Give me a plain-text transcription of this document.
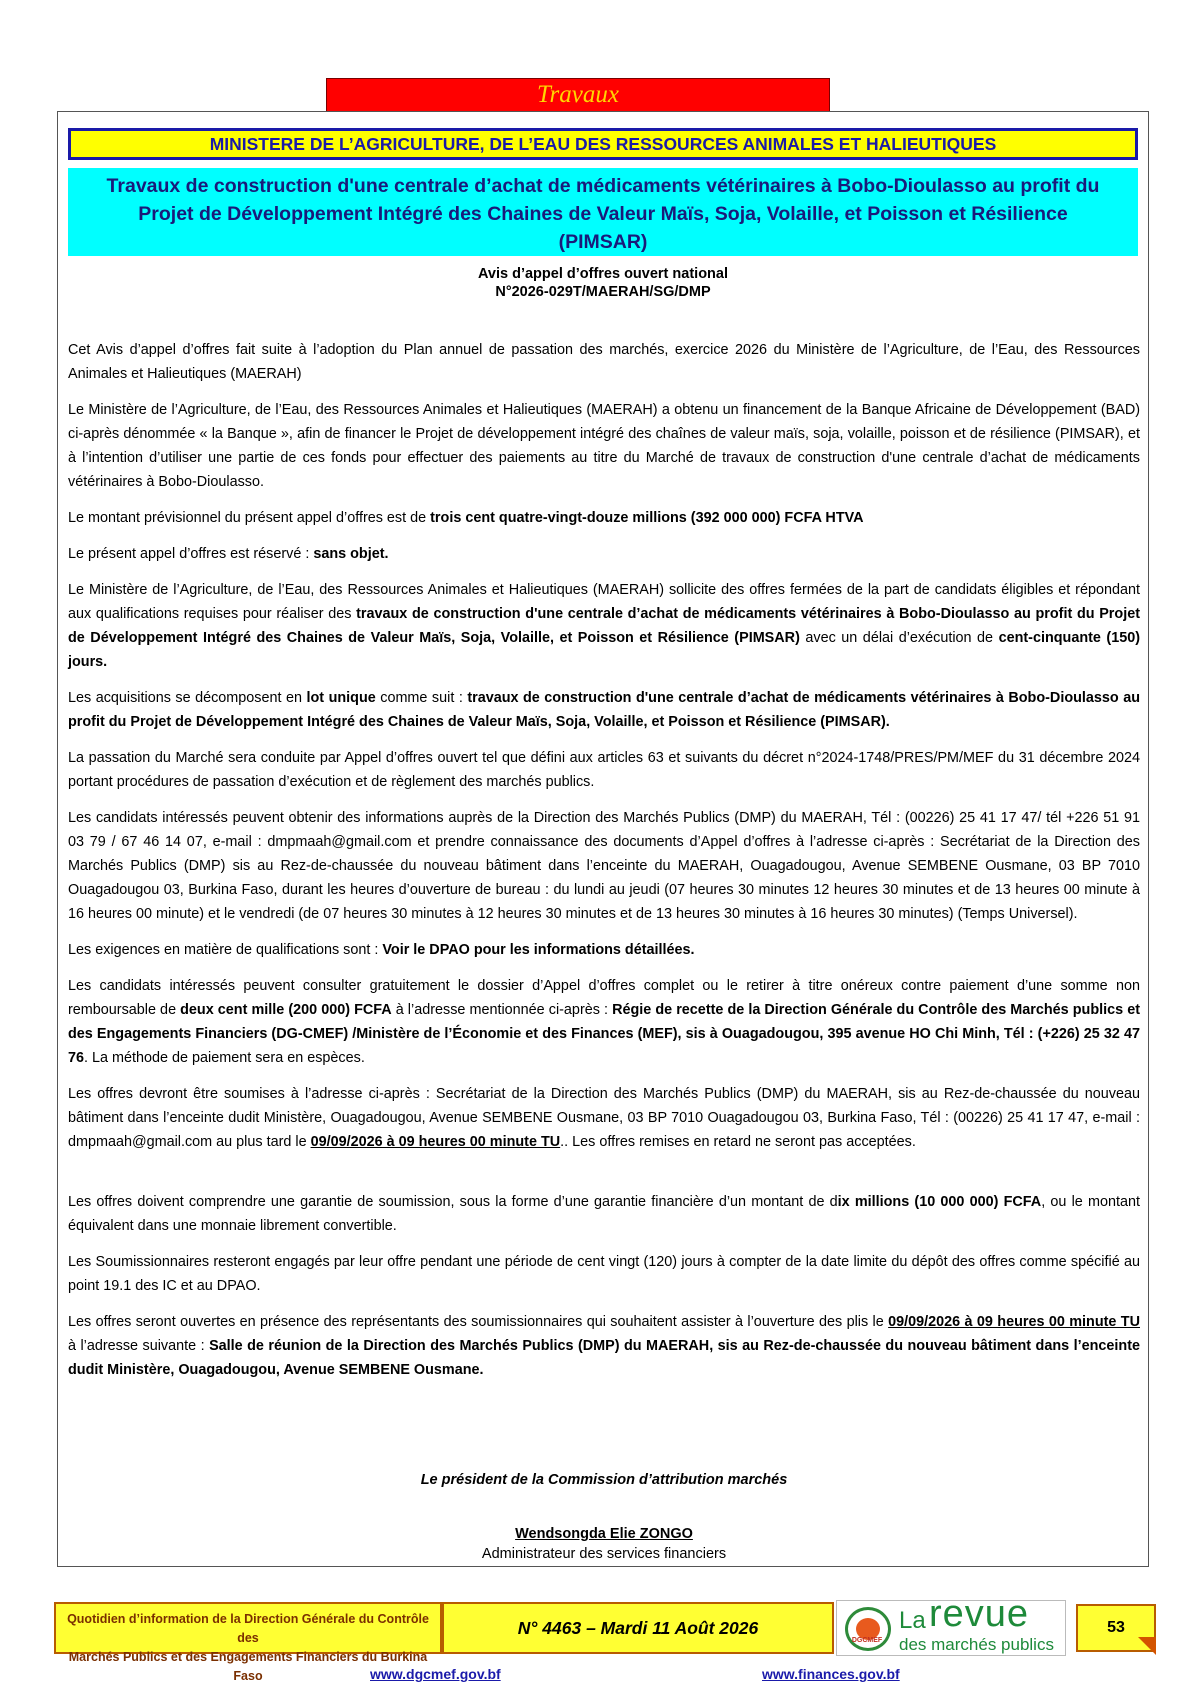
Travaux
MINISTERE DE L’AGRICULTURE, DE L’EAU DES RESSOURCES ANIMALES ET HALIEUTIQUES
Travaux de construction d'une centrale d’achat de médicaments vétérinaires à Bobo-Dioulasso au profit du Projet de Développement Intégré des Chaines de Valeur Maïs, Soja, Volaille, et Poisson et Résilience (PIMSAR)
Avis d’appel d’offres ouvert national
N°2026-029T/MAERAH/SG/DMP

Cet Avis d’appel d’offres fait suite à l’adoption du Plan annuel de passation des marchés, exercice 2026 du Ministère de l’Agriculture, de l’Eau, des Ressources Animales et Halieutiques (MAERAH)

Le Ministère de l’Agriculture, de l’Eau, des Ressources Animales et Halieutiques (MAERAH) a obtenu un financement de la Banque Africaine de Développement (BAD) ci-après dénommée « la Banque », afin de financer le Projet de développement intégré des chaînes de valeur maïs, soja, volaille, poisson et de résilience (PIMSAR), et à l’intention d’utiliser une partie de ces fonds pour effectuer des paiements au titre du Marché de travaux de construction d'une centrale d’achat de médicaments vétérinaires à Bobo-Dioulasso.

Le montant prévisionnel du présent appel d’offres est de trois cent quatre-vingt-douze millions (392 000 000) FCFA HTVA

Le présent appel d’offres est réservé : sans objet.

Le Ministère de l’Agriculture, de l’Eau, des Ressources Animales et Halieutiques (MAERAH) sollicite des offres fermées de la part de candidats éligibles et répondant aux qualifications requises pour réaliser des travaux de construction d'une centrale d’achat de médicaments vétérinaires à Bobo-Dioulasso au profit du Projet de Développement Intégré des Chaines de Valeur Maïs, Soja, Volaille, et Poisson et Résilience (PIMSAR) avec un délai d’exécution de cent-cinquante (150) jours.

Les acquisitions se décomposent en lot unique comme suit : travaux de construction d'une centrale d’achat de médicaments vétérinaires à Bobo-Dioulasso au profit du Projet de Développement Intégré des Chaines de Valeur Maïs, Soja, Volaille, et Poisson et Résilience (PIMSAR).

La passation du Marché sera conduite par Appel d’offres ouvert tel que défini aux articles 63 et suivants du décret n°2024-1748/PRES/PM/MEF du 31 décembre 2024 portant procédures de passation d’exécution et de règlement des marchés publics.

Les candidats intéressés peuvent obtenir des informations auprès de la Direction des Marchés Publics (DMP) du MAERAH, Tél : (00226) 25 41 17 47/ tél +226 51 91 03 79 / 67 46 14 07, e-mail : dmpmaah@gmail.com et prendre connaissance des documents d’Appel d’offres à l’adresse ci-après : Secrétariat de la Direction des Marchés Publics (DMP) sis au Rez-de-chaussée du nouveau bâtiment dans l’enceinte du MAERAH, Ouagadougou, Avenue SEMBENE Ousmane, 03 BP 7010 Ouagadougou 03, Burkina Faso, durant les heures d’ouverture de bureau : du lundi au jeudi (07 heures 30 minutes 12 heures 30 minutes et de 13 heures 00 minute à 16 heures 00 minute) et le vendredi (de 07 heures 30 minutes à 12 heures 30 minutes et de 13 heures 30 minutes à 16 heures 30 minutes) (Temps Universel).

Les exigences en matière de qualifications sont : Voir le DPAO pour les informations détaillées.

Les candidats intéressés peuvent consulter gratuitement le dossier d’Appel d’offres complet ou le retirer à titre onéreux contre paiement d’une somme non remboursable de deux cent mille (200 000) FCFA à l’adresse mentionnée ci-après : Régie de recette de la Direction Générale du Contrôle des Marchés publics et des Engagements Financiers (DG-CMEF) /Ministère de l’Économie et des Finances (MEF), sis à Ouagadougou, 395 avenue HO Chi Minh, Tél : (+226) 25 32 47 76. La méthode de paiement sera en espèces.

Les offres devront être soumises à l’adresse ci-après : Secrétariat de la Direction des Marchés Publics (DMP) du MAERAH, sis au Rez-de-chaussée du nouveau bâtiment dans l’enceinte dudit Ministère, Ouagadougou, Avenue SEMBENE Ousmane, 03 BP 7010 Ouagadougou 03, Burkina Faso, Tél : (00226) 25 41 17 47, e-mail : dmpmaah@gmail.com au plus tard le 09/09/2026 à 09 heures 00 minute TU.. Les offres remises en retard ne seront pas acceptées.

Les offres doivent comprendre une garantie de soumission, sous la forme d’une garantie financière d’un montant de dix millions (10 000 000) FCFA, ou le montant équivalent dans une monnaie librement convertible.

Les Soumissionnaires resteront engagés par leur offre pendant une période de cent vingt (120) jours à compter de la date limite du dépôt des offres comme spécifié au point 19.1 des IC et au DPAO.

Les offres seront ouvertes en présence des représentants des soumissionnaires qui souhaitent assister à l’ouverture des plis le 09/09/2026 à 09 heures 00 minute TU à l’adresse suivante : Salle de réunion de la Direction des Marchés Publics (DMP) du MAERAH, sis au Rez-de-chaussée du nouveau bâtiment dans l’enceinte dudit Ministère, Ouagadougou, Avenue SEMBENE Ousmane.

Le président de la Commission d’attribution marchés
Wendsongda Elie ZONGO
Administrateur des services financiers
Quotidien d’information de la Direction Générale du Contrôle des
Marchés Publics et des Engagements Financiers du Burkina Faso
N° 4463 – Mardi 11 Août 2026
DGCMEF
La revue
des marchés publics
53
www.dgcmef.gov.bf	www.finances.gov.bf
